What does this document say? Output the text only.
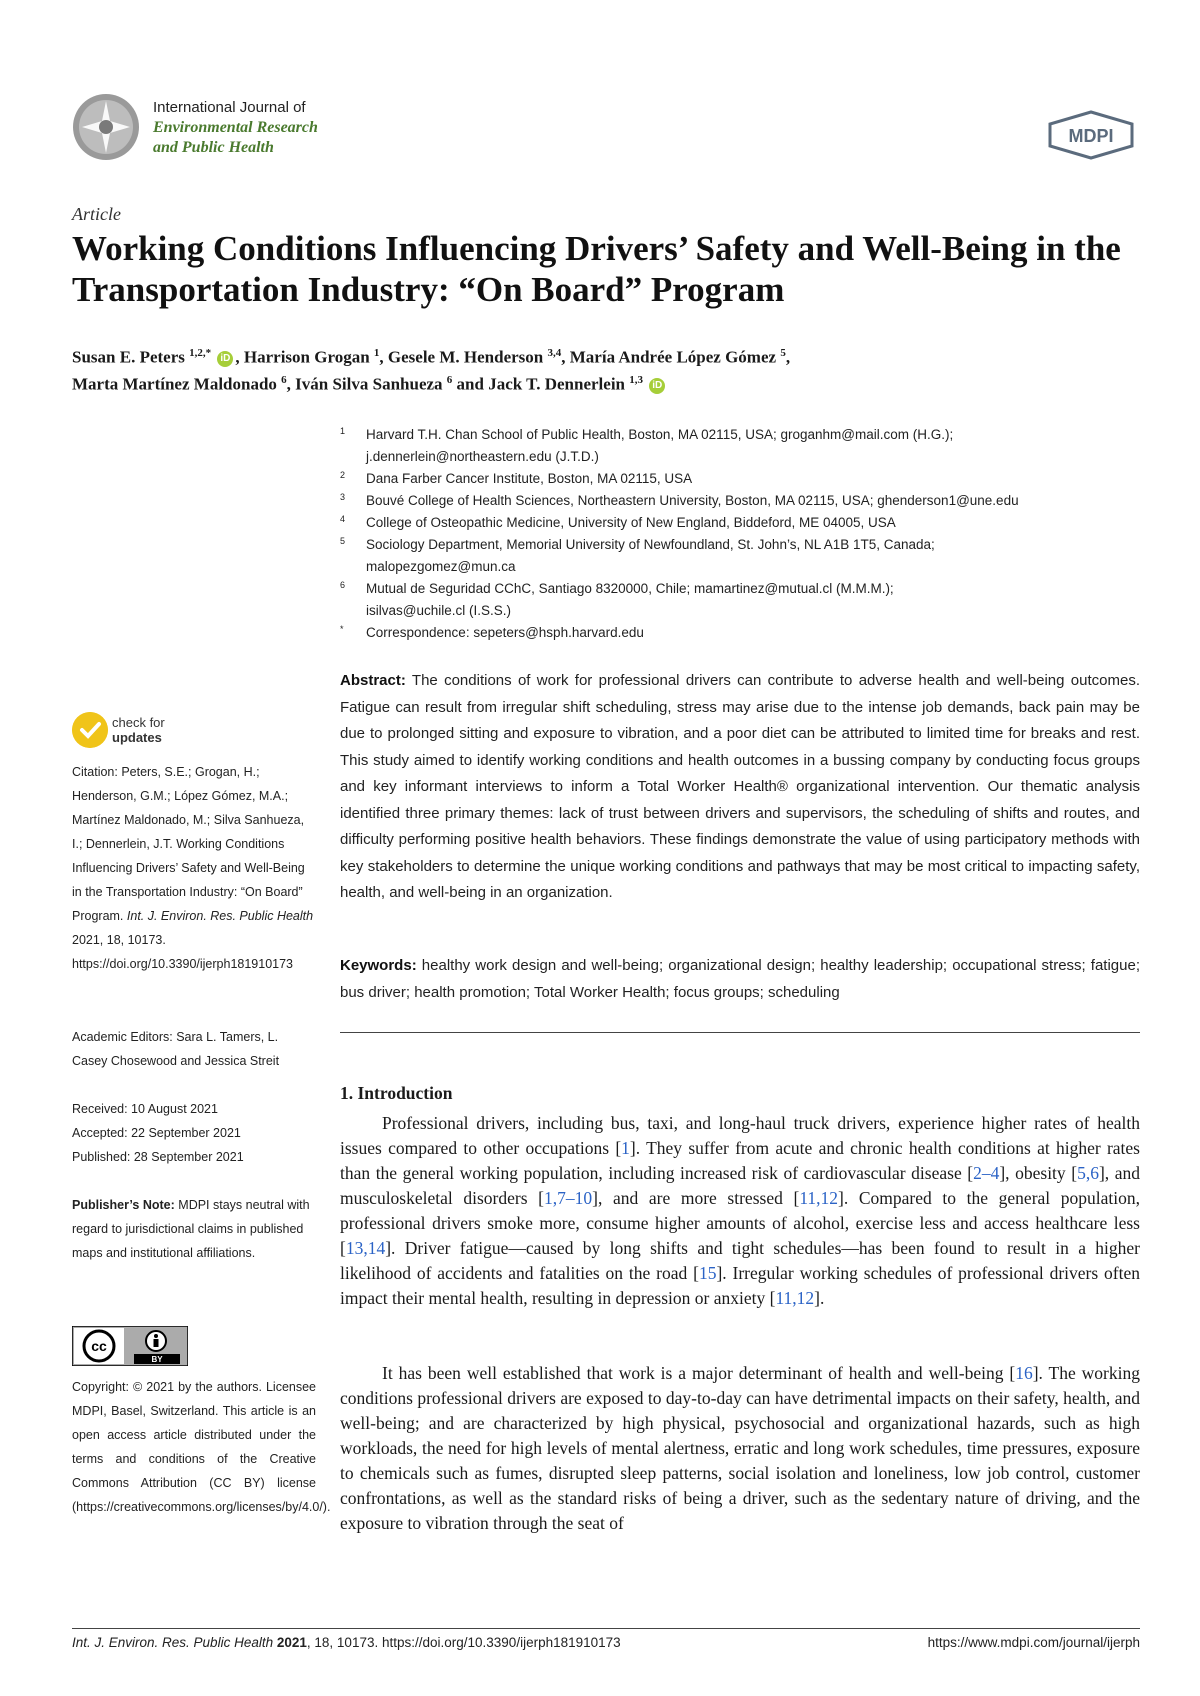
International Journal of
Environmental Research
and Public Health
MDPI
Article
Working Conditions Influencing Drivers’ Safety and Well-Being in the Transportation Industry: “On Board” Program
Susan E. Peters $^{1,2,*}$ iD , Harrison Grogan $^1$, Gesele M. Henderson $^{3,4}$, María Andrée López Gómez $^5$,
Marta Martínez Maldonado $^6$, Iván Silva Sanhueza $^6$ and Jack T. Dennerlein $^{1,3}$ iD
1 Harvard T.H. Chan School of Public Health, Boston, MA 02115, USA; groganhm@mail.com (H.G.);
j.dennerlein@northeastern.edu (J.T.D.)
2 Dana Farber Cancer Institute, Boston, MA 02115, USA
3 Bouvé College of Health Sciences, Northeastern University, Boston, MA 02115, USA; ghenderson1@une.edu
4 College of Osteopathic Medicine, University of New England, Biddeford, ME 04005, USA
5 Sociology Department, Memorial University of Newfoundland, St. John’s, NL A1B 1T5, Canada;
malopezgomez@mun.ca
6 Mutual de Seguridad CChC, Santiago 8320000, Chile; mamartinez@mutual.cl (M.M.M.);
isilvas@uchile.cl (I.S.S.)
* Correspondence: sepeters@hsph.harvard.edu
Abstract: The conditions of work for professional drivers can contribute to adverse health and well-being outcomes. Fatigue can result from irregular shift scheduling, stress may arise due to the intense job demands, back pain may be due to prolonged sitting and exposure to vibration, and a poor diet can be attributed to limited time for breaks and rest. This study aimed to identify working conditions and health outcomes in a bussing company by conducting focus groups and key informant interviews to inform a Total Worker Health® organizational intervention. Our thematic analysis identified three primary themes: lack of trust between drivers and supervisors, the scheduling of shifts and routes, and difficulty performing positive health behaviors. These findings demonstrate the value of using participatory methods with key stakeholders to determine the unique working conditions and pathways that may be most critical to impacting safety, health, and well-being in an organization.
Keywords: healthy work design and well-being; organizational design; healthy leadership; occupational stress; fatigue; bus driver; health promotion; Total Worker Health; focus groups; scheduling
1. Introduction
Professional drivers, including bus, taxi, and long-haul truck drivers, experience higher rates of health issues compared to other occupations [1]. They suffer from acute and chronic health conditions at higher rates than the general working population, including increased risk of cardiovascular disease [2–4], obesity [5,6], and musculoskeletal disorders [1,7–10], and are more stressed [11,12]. Compared to the general population, professional drivers smoke more, consume higher amounts of alcohol, exercise less and access healthcare less [13,14]. Driver fatigue—caused by long shifts and tight schedules—has been found to result in a higher likelihood of accidents and fatalities on the road [15]. Irregular working schedules of professional drivers often impact their mental health, resulting in depression or anxiety [11,12].
It has been well established that work is a major determinant of health and well-being [16]. The working conditions professional drivers are exposed to day-to-day can have detrimental impacts on their safety, health, and well-being; and are characterized by high physical, psychosocial and organizational hazards, such as high workloads, the need for high levels of mental alertness, erratic and long work schedules, time pressures, exposure to chemicals such as fumes, disrupted sleep patterns, social isolation and loneliness, low job control, customer confrontations, as well as the standard risks of being a driver, such as the sedentary nature of driving, and the exposure to vibration through the seat of
check for
updates
Citation: Peters, S.E.; Grogan, H.; Henderson, G.M.; López Gómez, M.A.; Martínez Maldonado, M.; Silva Sanhueza, I.; Dennerlein, J.T. Working Conditions Influencing Drivers’ Safety and Well-Being in the Transportation Industry: “On Board” Program. Int. J. Environ. Res. Public Health 2021, 18, 10173. https://doi.org/10.3390/ijerph181910173
Academic Editors: Sara L. Tamers, L. Casey Chosewood and Jessica Streit
Received: 10 August 2021
Accepted: 22 September 2021
Published: 28 September 2021
Publisher’s Note: MDPI stays neutral with regard to jurisdictional claims in published maps and institutional affiliations.
cc
BY
Copyright: © 2021 by the authors. Licensee MDPI, Basel, Switzerland. This article is an open access article distributed under the terms and conditions of the Creative Commons Attribution (CC BY) license (https://creativecommons.org/licenses/by/4.0/).
Int. J. Environ. Res. Public Health 2021, 18, 10173. https://doi.org/10.3390/ijerph181910173	https://www.mdpi.com/journal/ijerph
